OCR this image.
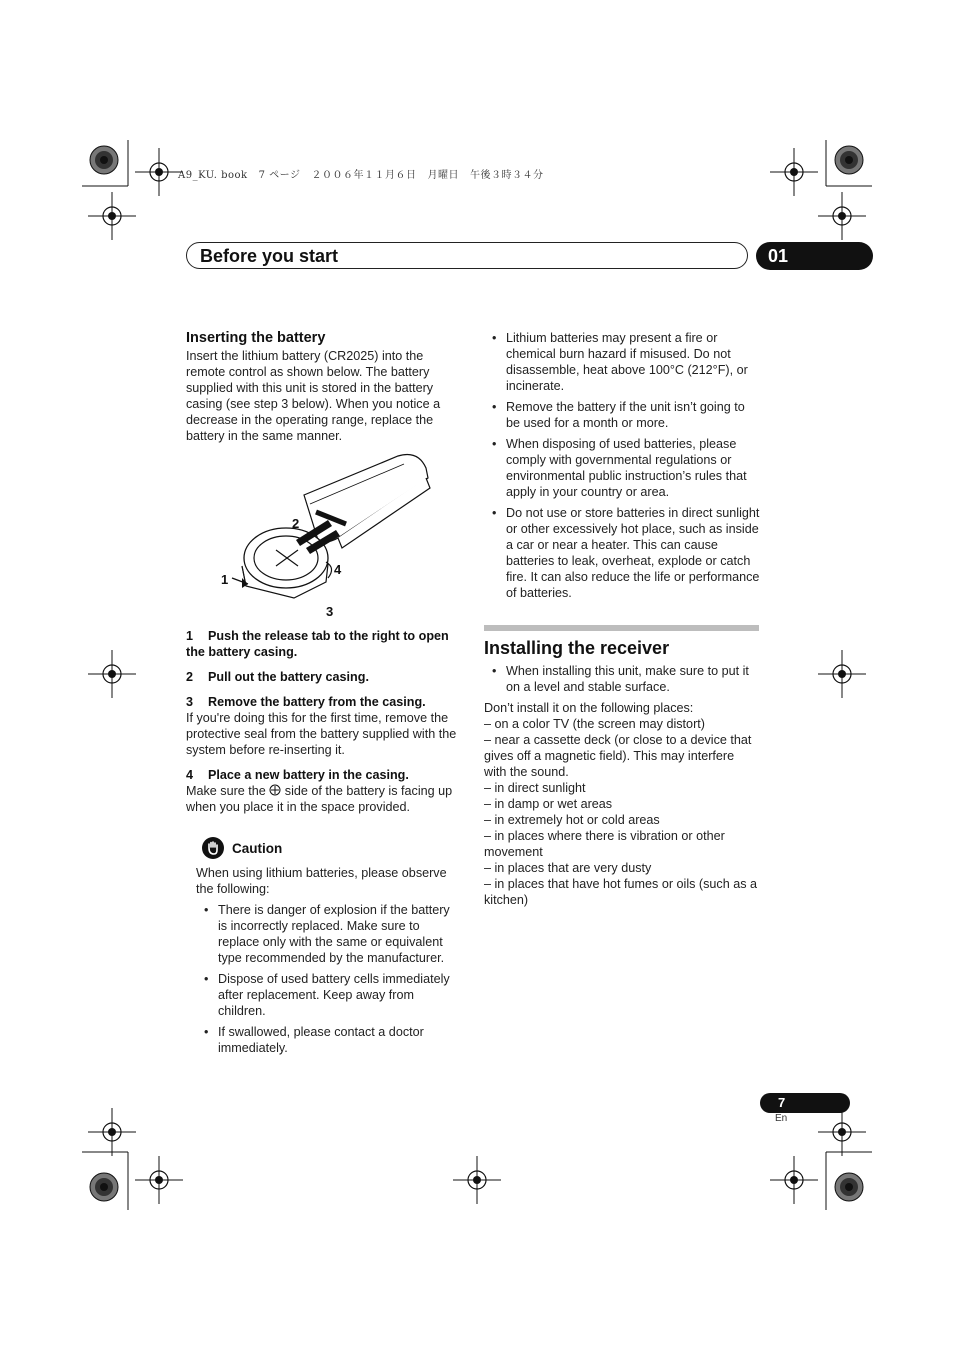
A9_KU. book   7 ページ   ２００６年１１月６日   月曜日   午後３時３４分
Before you start	01
Inserting the battery

Insert the lithium battery (CR2025) into the remote control as shown below. The battery supplied with this unit is stored in the battery casing (see step 3 below). When you notice a decrease in the operating range, replace the battery in the same manner.

1
2
3
4

1 Push the release tab to the right to open the battery casing.

2 Pull out the battery casing.

3 Remove the battery from the casing.

If you're doing this for the first time, remove the protective seal from the battery supplied with the system before re-inserting it.

4 Place a new battery in the casing.

Make sure the  side of the battery is facing up when you place it in the space provided.

Caution

When using lithium batteries, please observe the following:

• There is danger of explosion if the battery is incorrectly replaced. Make sure to replace only with the same or equivalent type recommended by the manufacturer.
• Dispose of used battery cells immediately after replacement. Keep away from children.
• If swallowed, please contact a doctor immediately.
• Lithium batteries may present a fire or chemical burn hazard if misused. Do not disassemble, heat above 100°C (212°F), or incinerate.
• Remove the battery if the unit isn’t going to be used for a month or more.
• When disposing of used batteries, please comply with governmental regulations or environmental public instruction’s rules that apply in your country or area.
• Do not use or store batteries in direct sunlight or other excessively hot place, such as inside a car or near a heater. This can cause batteries to leak, overheat, explode or catch fire. It can also reduce the life or performance of batteries.
Installing the receiver
• When installing this unit, make sure to put it on a level and stable surface.

Don’t install it on the following places:

– on a color TV (the screen may distort)

– near a cassette deck (or close to a device that gives off a magnetic field). This may interfere with the sound.

– in direct sunlight

– in damp or wet areas

– in extremely hot or cold areas

– in places where there is vibration or other movement

– in places that are very dusty

– in places that have hot fumes or oils (such as a kitchen)

7
En
